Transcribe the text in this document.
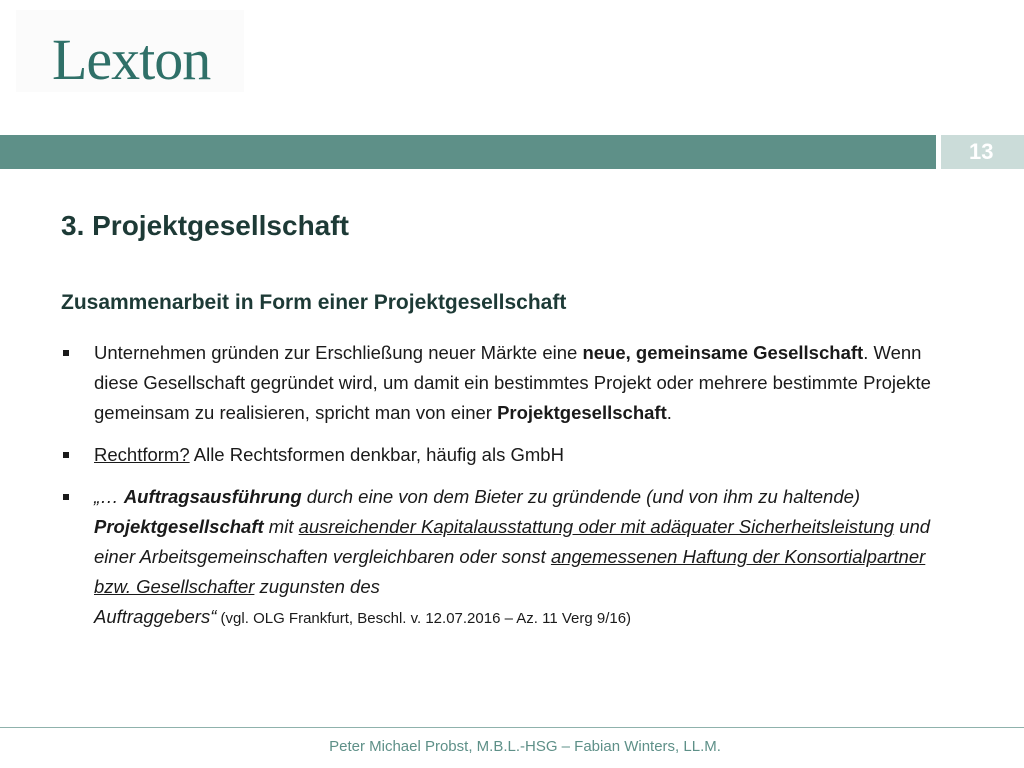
Lexton
13
3. Projektgesellschaft
Zusammenarbeit in Form einer Projektgesellschaft

Unternehmen gründen zur Erschließung neuer Märkte eine neue, gemeinsame Gesellschaft. Wenn diese Gesellschaft gegründet wird, um damit ein bestimmtes Projekt oder mehrere bestimmte Projekte gemeinsam zu realisieren, spricht man von einer Projektgesellschaft.

Rechtform? Alle Rechtsformen denkbar, häufig als GmbH

„… Auftragsausführung durch eine von dem Bieter zu gründende (und von ihm zu haltende) Projektgesellschaft mit ausreichender Kapitalausstattung oder mit adäquater Sicherheitsleistung und einer Arbeitsgemeinschaften vergleichbaren oder sonst angemessenen Haftung der Konsortialpartner bzw. Gesellschafter zugunsten des
Auftraggebers“ (vgl. OLG Frankfurt, Beschl. v. 12.07.2016 – Az. 11 Verg 9/16)

Peter Michael Probst, M.B.L.-HSG – Fabian Winters, LL.M.
